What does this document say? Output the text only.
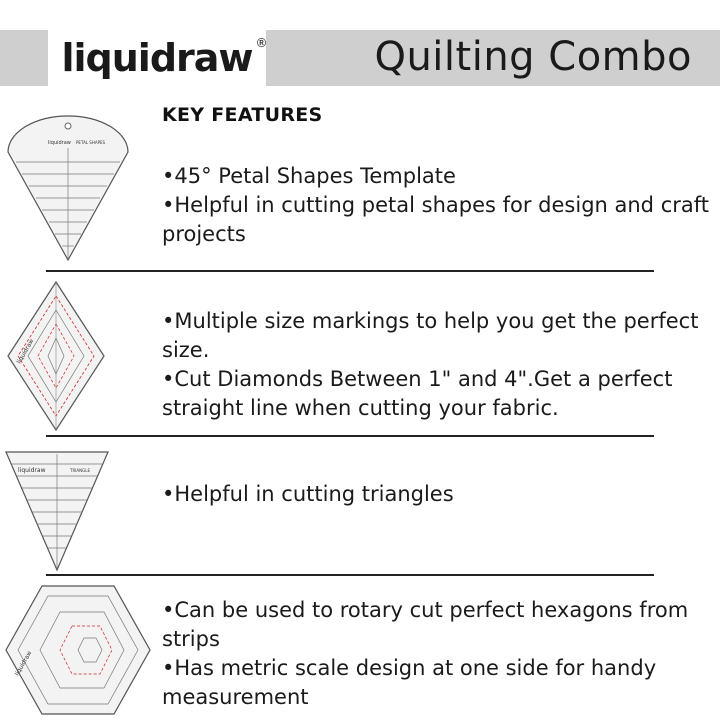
liquidraw ®	Quilting Combo
KEY FEATURES
liquidraw PETAL SHAPES
•45° Petal Shapes Template
•Helpful in cutting petal shapes for design and craft projects
liquidraw
•Multiple size markings to help you get the perfect size.
•Cut Diamonds Between 1" and 4".Get a perfect straight line when cutting your fabric.
liquidraw	TRIANGLE
•Helpful in cutting triangles
liquidraw
•Can be used to rotary cut perfect hexagons from strips
•Has metric scale design at one side for handy measurement
